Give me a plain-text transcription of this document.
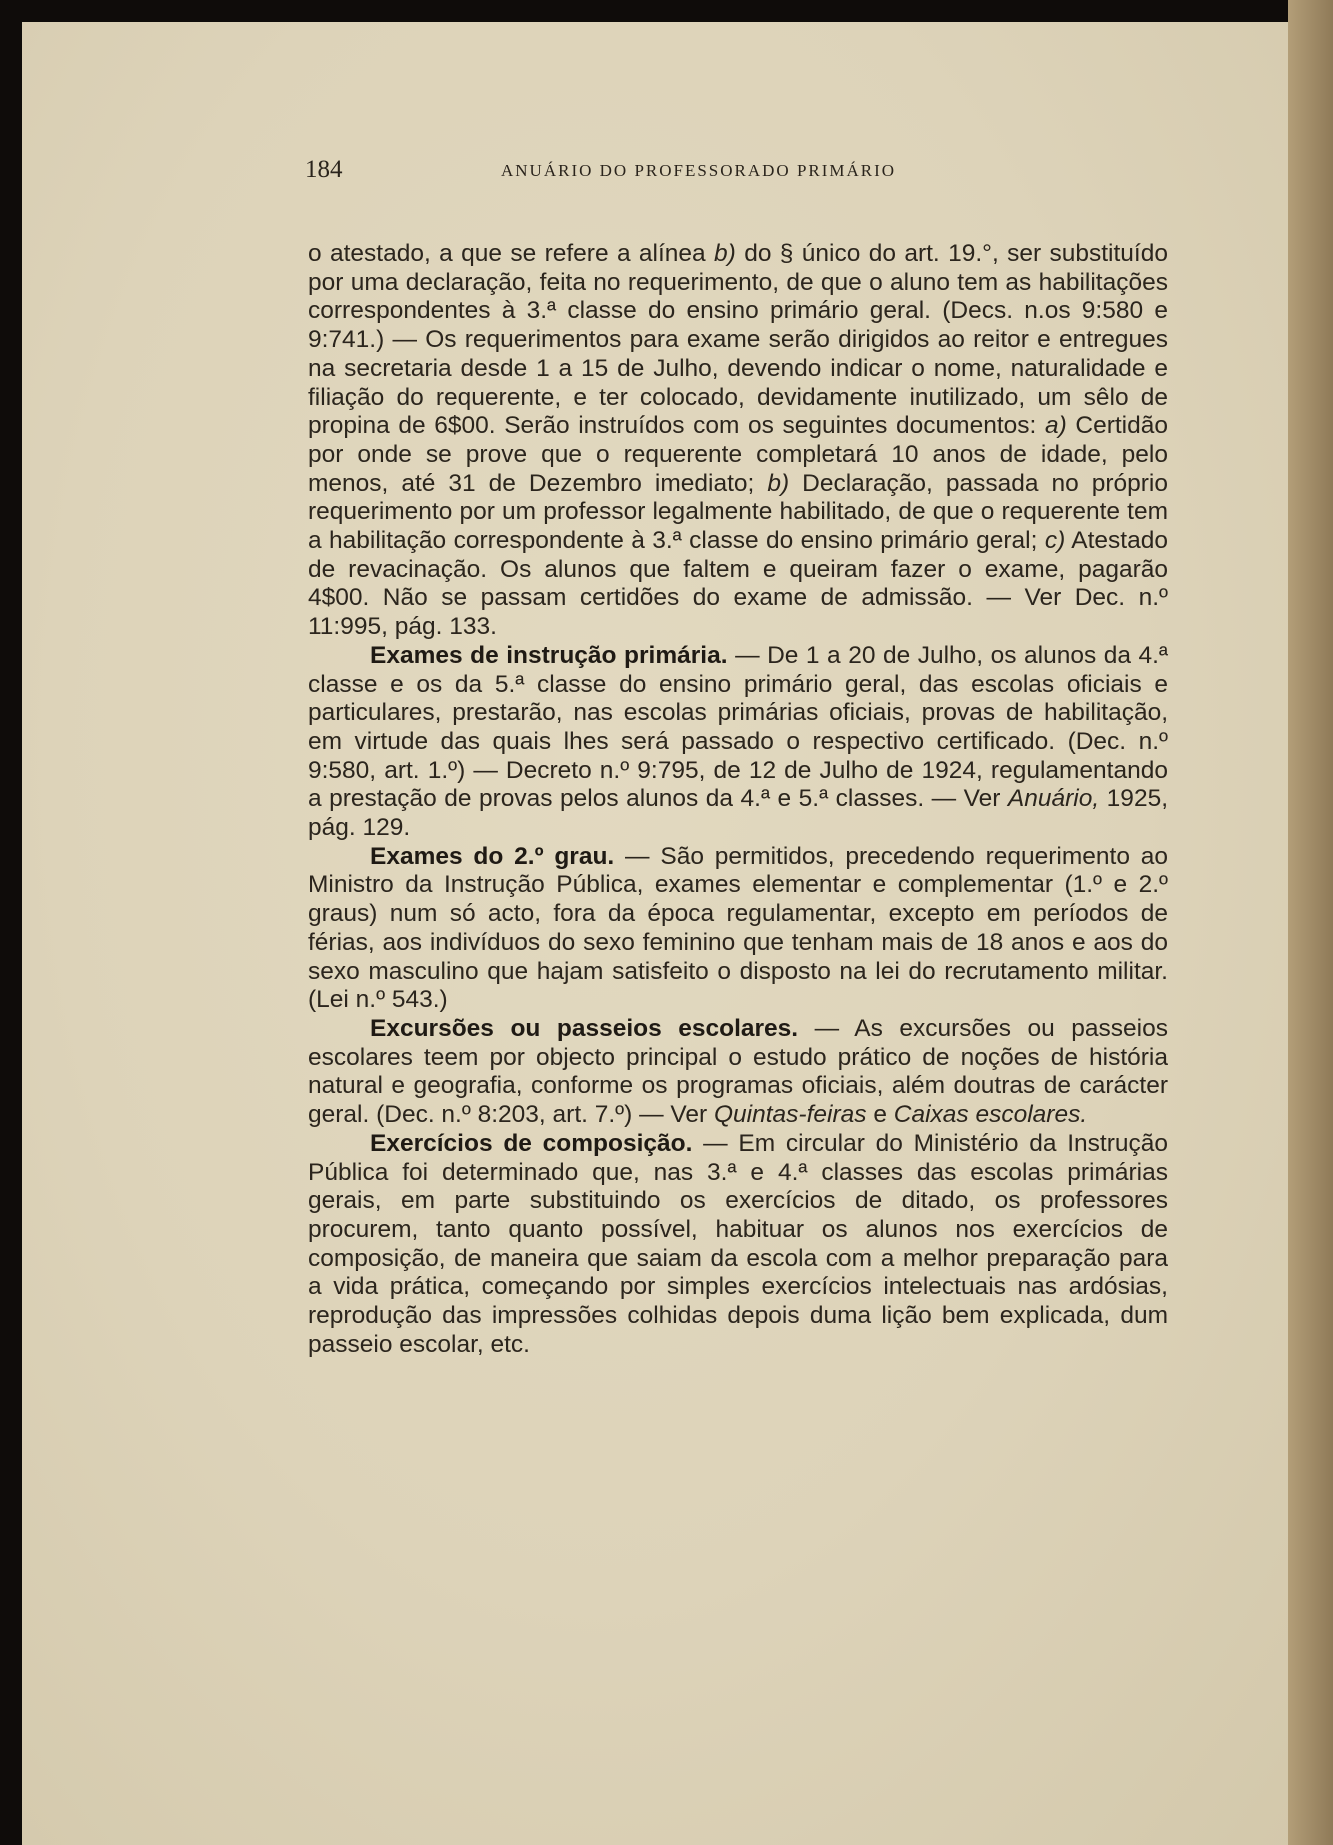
184	ANUÁRIO DO PROFESSORADO PRIMÁRIO

o atestado, a que se refere a alínea b) do § único do art. 19.°, ser substituído por uma declaração, feita no requerimento, de que o aluno tem as habilitações correspondentes à 3.ª classe do ensino primário geral. (Decs. n.os 9:580 e 9:741.) — Os requerimentos para exame serão dirigidos ao reitor e entregues na secretaria desde 1 a 15 de Julho, devendo indicar o nome, naturalidade e filiação do requerente, e ter colocado, devidamente inutilizado, um sêlo de propina de 6$00. Serão instruídos com os seguintes documentos: a) Certidão por onde se prove que o requerente completará 10 anos de idade, pelo menos, até 31 de Dezembro imediato; b) Declaração, passada no próprio requerimento por um professor legalmente habilitado, de que o requerente tem a habilitação correspondente à 3.ª classe do ensino primário geral; c) Atestado de revacinação. Os alunos que faltem e queiram fazer o exame, pagarão 4$00. Não se passam certidões do exame de admissão. — Ver Dec. n.º 11:995, pág. 133.

Exames de instrução primária. — De 1 a 20 de Julho, os alunos da 4.ª classe e os da 5.ª classe do ensino primário geral, das escolas oficiais e particulares, prestarão, nas escolas primárias oficiais, provas de habilitação, em virtude das quais lhes será passado o respectivo certificado. (Dec. n.º 9:580, art. 1.º) — Decreto n.º 9:795, de 12 de Julho de 1924, regulamentando a prestação de provas pelos alunos da 4.ª e 5.ª classes. — Ver Anuário, 1925, pág. 129.

Exames do 2.º grau. — São permitidos, precedendo requerimento ao Ministro da Instrução Pública, exames elementar e complementar (1.º e 2.º graus) num só acto, fora da época regulamentar, excepto em períodos de férias, aos indivíduos do sexo feminino que tenham mais de 18 anos e aos do sexo masculino que hajam satisfeito o disposto na lei do recrutamento militar. (Lei n.º 543.)

Excursões ou passeios escolares. — As excursões ou passeios escolares teem por objecto principal o estudo prático de noções de história natural e geografia, conforme os programas oficiais, além doutras de carácter geral. (Dec. n.º 8:203, art. 7.º) — Ver Quintas-feiras e Caixas escolares.

Exercícios de composição. — Em circular do Ministério da Instrução Pública foi determinado que, nas 3.ª e 4.ª classes das escolas primárias gerais, em parte substituindo os exercícios de ditado, os professores procurem, tanto quanto possível, habituar os alunos nos exercícios de composição, de maneira que saiam da escola com a melhor preparação para a vida prática, começando por simples exercícios intelectuais nas ardósias, reprodução das impressões colhidas depois duma lição bem explicada, dum passeio escolar, etc.
